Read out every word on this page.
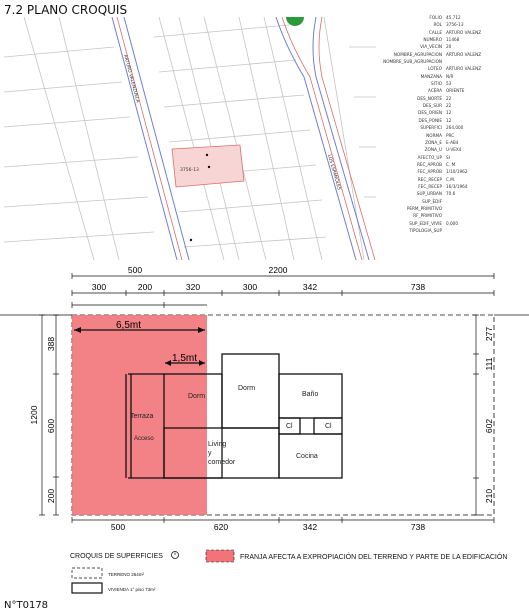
7.2 PLANO CROQUIS
ARTURO VALENZUELA
LOS ESPAÑOLES
3756-13
FOLIO 45.712
ROL 3756-13
CALLE ARTURO VALENZ
NUMERO 11468
VIA_VECIN 20
NOMBRE_AGRUPACION ARTURO VALENZ
NOMBRE_SUB_AGRUPACION
LOTEO ARTURO VALENZ
MANZANA N/R
SITIO 53
ACERA ORIENTE
DES_NORTE 22
DES_SUR 22
DES_ORIEN 12
DES_PONIE 12
SUPERFICI 264,000
NORMA PRC
ZONA_E E-AB4
ZONA_U U-VEX4
AFECTO_UP SI
REC_APROB C. M.
FEC_APROB 1/10/1962
REC_RECEP C.M.
FEC_RECEP 16/3/1964
SUP_URBAN 70.6
SUP_EDIF
PERM_PRIMITIVO
RF_PRIMITIVO
SUP_EDIF_VIVIE 0,000
TIPOLOGIA_SUP
6,5mt
1,5mt
Terraza
Acceso
Dorm
Dorm
Baño
Cl	Cl
Living y comedor
Cocina
500	2200
300	200	320	300	342	738
500	620	342	738
1200
388
600
200
277
111
602
210
CROQUIS DE SUPERFICIES	FRANJA AFECTA A EXPROPIACIÓN DEL TERRENO Y PARTE DE LA EDIFICACIÓN
TERRENO 264m²
VIVIENDA 1° piso 73m²
N°T0178
